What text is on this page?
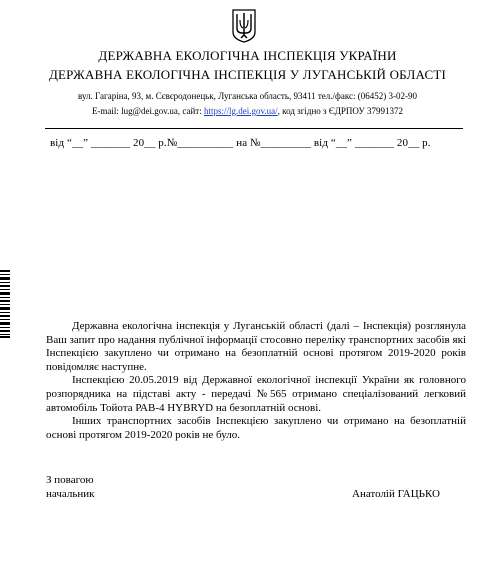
ДЕРЖАВНА ЕКОЛОГІЧНА ІНСПЕКЦІЯ УКРАЇНИ
ДЕРЖАВНА ЕКОЛОГІЧНА ІНСПЕКЦІЯ У ЛУГАНСЬКІЙ ОБЛАСТІ
вул. Гагаріна, 93, м. Сєвєродонецьк, Луганська область, 93411 тел./факс: (06452) 3-02-90
E-mail: lug@dei.gov.ua, сайт: https://lg.dei.gov.ua/, код згідно з ЄДРПОУ 37991372
від “__” _______ 20__ р.№__________ на №_________ від “__” _______ 20__ р.

Державна екологічна інспекція у Луганській області (далі – Інспекція) розглянула Ваш запит про надання публічної інформації стосовно переліку транспортних засобів які Інспекцією закуплено чи отримано на безоплатній основі протягом 2019-2020 років повідомляє наступне.

Інспекцією 20.05.2019 від Державної екологічної інспекції України як головного розпорядника на підставі акту - передачі №565 отримано спеціалізований легковий автомобіль Тойота РАВ-4 HYBRYD на безоплатній основі.

Інших транспортних засобів Інспекцією закуплено чи отримано на безоплатній основі протягом 2019-2020 років не було.

З повагою
начальник	Анатолій ГАЦЬКО
